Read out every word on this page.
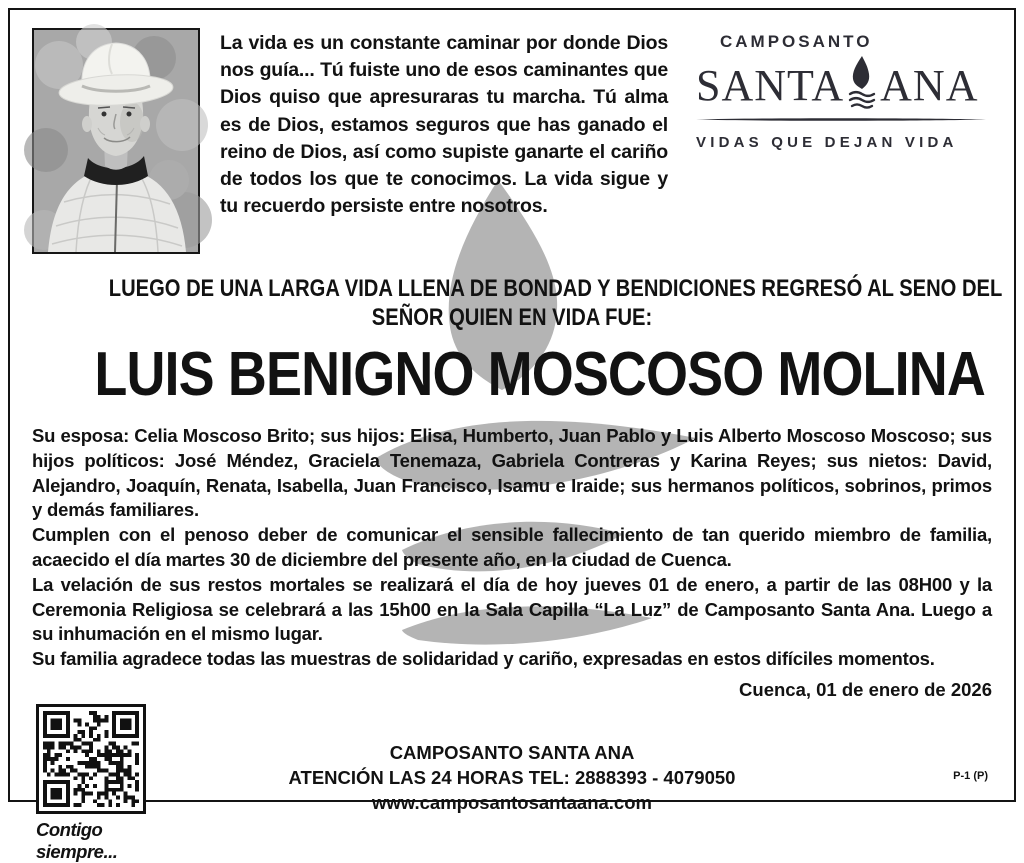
La vida es un constante caminar por donde Dios nos guía... Tú fuiste uno de esos caminantes que Dios quiso que apresuraras tu marcha. Tú alma es de Dios, estamos seguros que has ganado el reino de Dios, así como supiste ganarte el cariño de todos los que te conocimos. La vida sigue y tu recuerdo persiste entre nosotros.

CAMPOSANTO
SANTA ANA
VIDAS QUE DEJAN VIDA
LUEGO DE UNA LARGA VIDA LLENA DE BONDAD Y BENDICIONES REGRESÓ AL SENO DEL
SEÑOR QUIEN EN VIDA FUE:
LUIS BENIGNO MOSCOSO MOLINA

Su esposa: Celia Moscoso Brito; sus hijos: Elisa, Humberto, Juan Pablo y Luis Alberto Moscoso Moscoso; sus hijos políticos: José Méndez, Graciela Tenemaza, Gabriela Contreras y Karina Reyes; sus nietos: David, Alejandro, Joaquín, Renata, Isabella, Juan Francisco, Isamu e Iraide; sus hermanos políticos, sobrinos, primos y demás familiares.

Cumplen con el penoso deber de comunicar el sensible fallecimiento de tan querido miembro de familia, acaecido el día martes 30 de diciembre del presente año, en la ciudad de Cuenca.

La velación de sus restos mortales se realizará el día de hoy jueves 01 de enero, a partir de las 08H00 y la Ceremonia Religiosa se celebrará a las 15h00 en la Sala Capilla “La Luz” de Camposanto Santa Ana. Luego a su inhumación en el mismo lugar.

Su familia agradece todas las muestras de solidaridad y cariño, expresadas en estos difíciles momentos.

Cuenca, 01 de enero de 2026
Contigo siempre...
CAMPOSANTO SANTA ANA
ATENCIÓN LAS 24 HORAS TEL: 2888393 - 4079050
www.camposantosantaana.com
P-1 (P)
